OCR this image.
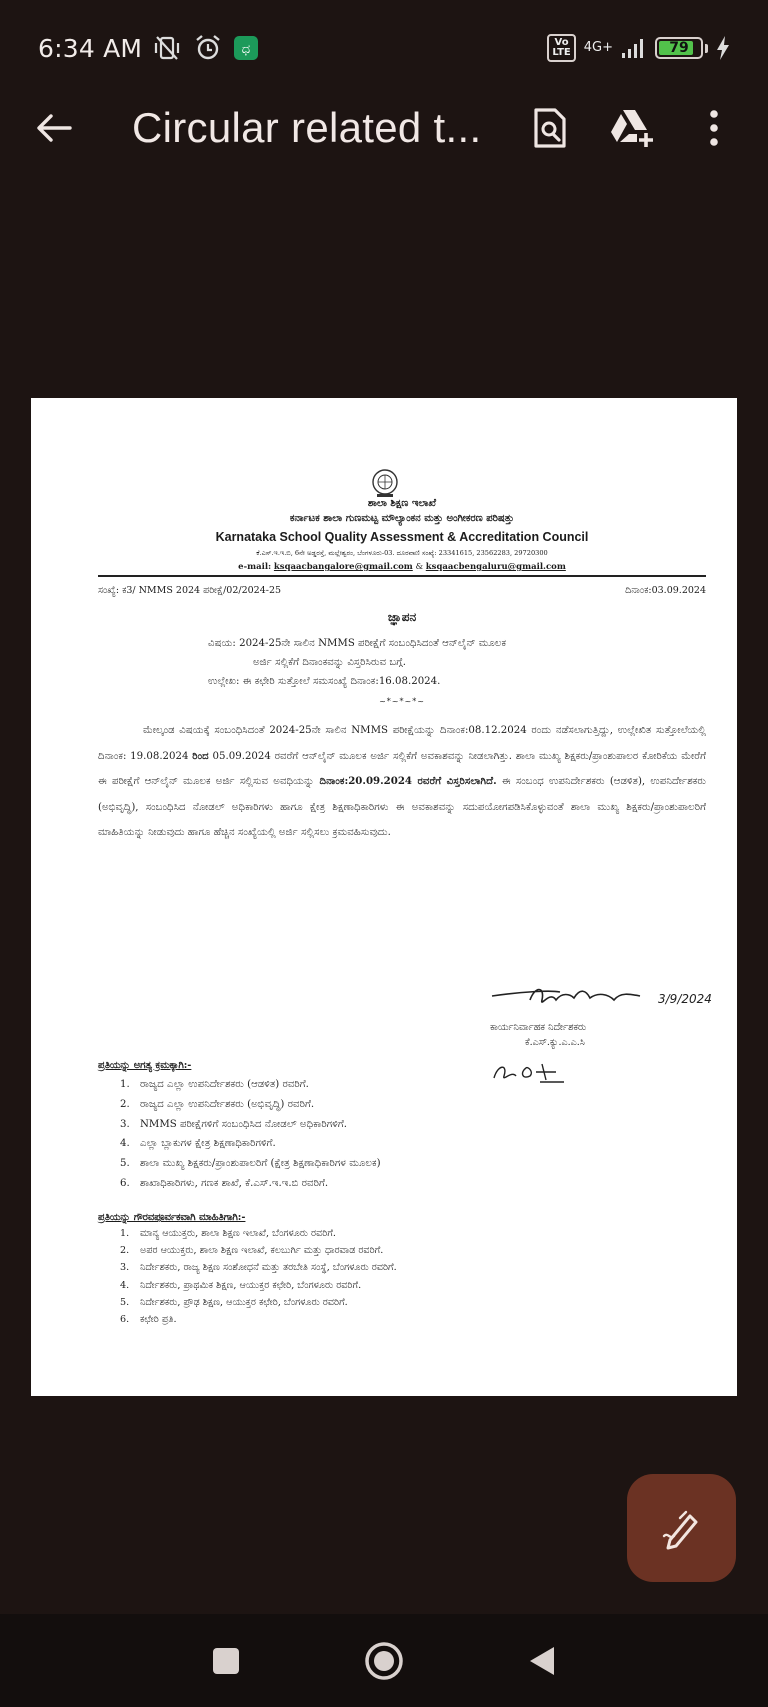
6:34 AM	ಧ	Vo
LTE	4G+	79
Circular related t...
ಶಾಲಾ ಶಿಕ್ಷಣ ಇಲಾಖೆ
ಕರ್ನಾಟಕ ಶಾಲಾ ಗುಣಮಟ್ಟ ಮೌಲ್ಯಾಂಕನ ಮತ್ತು ಅಂಗೀಕರಣ ಪರಿಷತ್ತು
Karnataka School Quality Assessment & Accreditation Council
ಕೆ.ಎಸ್.ಇ.ಇ.ಬಿ, 6ನೇ ಅಡ್ಡರಸ್ತೆ, ಮಲ್ಲೇಶ್ವರಂ, ಬೆಂಗಳೂರು-03. ದೂರವಾಣಿ ಸಂಖ್ಯೆ: 23341615, 23562283, 29720300
e-mail: ksqaacbangalore@gmail.com & ksqaacbengaluru@gmail.com
ಸಂಖ್ಯೆ: ಕ3/ NMMS 2024 ಪರೀಕ್ಷೆ/02/2024-25	ದಿನಾಂಕ:03.09.2024
ಜ್ಞಾಪನ
ವಿಷಯ: 2024-25ನೇ ಸಾಲಿನ NMMS ಪರೀಕ್ಷೆಗೆ ಸಂಬಂಧಿಸಿದಂತೆ ಆನ್‌ಲೈನ್ ಮೂಲಕ
ಅರ್ಜಿ ಸಲ್ಲಿಕೆಗೆ ದಿನಾಂಕವನ್ನು ವಿಸ್ತರಿಸಿರುವ ಬಗ್ಗೆ.
ಉಲ್ಲೇಖ: ಈ ಕಛೇರಿ ಸುತ್ತೋಲೆ ಸಮಸಂಖ್ಯೆ ದಿನಾಂಕ:16.08.2024.
~*~*~*~

ಮೇಲ್ಕಂಡ ವಿಷಯಕ್ಕೆ ಸಂಬಂಧಿಸಿದಂತೆ 2024-25ನೇ ಸಾಲಿನ NMMS ಪರೀಕ್ಷೆಯನ್ನು ದಿನಾಂಕ:08.12.2024 ರಂದು ನಡೆಸಲಾಗುತ್ತಿದ್ದು, ಉಲ್ಲೇಖಿತ ಸುತ್ತೋಲೆಯಲ್ಲಿ ದಿನಾಂಕ: 19.08.2024 ರಿಂದ 05.09.2024 ರವರೆಗೆ ಆನ್‌ಲೈನ್ ಮೂಲಕ ಅರ್ಜಿ ಸಲ್ಲಿಕೆಗೆ ಅವಕಾಶವನ್ನು ನೀಡಲಾಗಿತ್ತು. ಶಾಲಾ ಮುಖ್ಯ ಶಿಕ್ಷಕರು/ಪ್ರಾಂಶುಪಾಲರ ಕೋರಿಕೆಯ ಮೇರೆಗೆ ಈ ಪರೀಕ್ಷೆಗೆ ಆನ್‌ಲೈನ್ ಮೂಲಕ ಅರ್ಜಿ ಸಲ್ಲಿಸುವ ಅವಧಿಯನ್ನು ದಿನಾಂಕ:20.09.2024 ರವರೆಗೆ ವಿಸ್ತರಿಸಲಾಗಿದೆ. ಈ ಸಂಬಂಧ ಉಪನಿರ್ದೇಶಕರು (ಆಡಳಿತ), ಉಪನಿರ್ದೇಶಕರು (ಅಭಿವೃದ್ಧಿ), ಸಂಬಂಧಿಸಿದ ನೋಡಲ್ ಅಧಿಕಾರಿಗಳು ಹಾಗೂ ಕ್ಷೇತ್ರ ಶಿಕ್ಷಣಾಧಿಕಾರಿಗಳು ಈ ಅವಕಾಶವನ್ನು ಸದುಪಯೋಗಪಡಿಸಿಕೊಳ್ಳುವಂತೆ ಶಾಲಾ ಮುಖ್ಯ ಶಿಕ್ಷಕರು/ಪ್ರಾಂಶುಪಾಲರಿಗೆ ಮಾಹಿತಿಯನ್ನು ನೀಡುವುದು ಹಾಗೂ ಹೆಚ್ಚಿನ ಸಂಖ್ಯೆಯಲ್ಲಿ ಅರ್ಜಿ ಸಲ್ಲಿಸಲು ಕ್ರಮವಹಿಸುವುದು.

3/9/2024
ಕಾರ್ಯನಿರ್ವಾಹಕ ನಿರ್ದೇಶಕರು
ಕೆ.ಎಸ್.ಕ್ಯು.ಎ.ಎ.ಸಿ
ಪ್ರತಿಯನ್ನು ಅಗತ್ಯ ಕ್ರಮಕ್ಕಾಗಿ:-
1. ರಾಜ್ಯದ ಎಲ್ಲಾ ಉಪನಿರ್ದೇಶಕರು (ಆಡಳಿತ) ರವರಿಗೆ.
2. ರಾಜ್ಯದ ಎಲ್ಲಾ ಉಪನಿರ್ದೇಶಕರು (ಅಭಿವೃದ್ಧಿ) ರವರಿಗೆ.
3. NMMS ಪರೀಕ್ಷೆಗಳಿಗೆ ಸಂಬಂಧಿಸಿದ ನೋಡಲ್ ಅಧಿಕಾರಿಗಳಿಗೆ.
4. ಎಲ್ಲಾ ಬ್ಲಾಕುಗಳ ಕ್ಷೇತ್ರ ಶಿಕ್ಷಣಾಧಿಕಾರಿಗಳಿಗೆ.
5. ಶಾಲಾ ಮುಖ್ಯ ಶಿಕ್ಷಕರು/ಪ್ರಾಂಶುಪಾಲರಿಗೆ (ಕ್ಷೇತ್ರ ಶಿಕ್ಷಣಾಧಿಕಾರಿಗಳ ಮೂಲಕ)
6. ಶಾಖಾಧಿಕಾರಿಗಳು, ಗಣಕ ಶಾಖೆ, ಕೆ.ಎಸ್.ಇ.ಇ.ಬಿ ರವರಿಗೆ.
ಪ್ರತಿಯನ್ನು ಗೌರವಪೂರ್ವಕವಾಗಿ ಮಾಹಿತಿಗಾಗಿ:-
1. ಮಾನ್ಯ ಆಯುಕ್ತರು, ಶಾಲಾ ಶಿಕ್ಷಣ ಇಲಾಖೆ, ಬೆಂಗಳೂರು ರವರಿಗೆ.
2. ಅಪರ ಆಯುಕ್ತರು, ಶಾಲಾ ಶಿಕ್ಷಣ ಇಲಾಖೆ, ಕಲಬುರ್ಗಿ ಮತ್ತು ಧಾರವಾಡ ರವರಿಗೆ.
3. ನಿರ್ದೇಶಕರು, ರಾಜ್ಯ ಶಿಕ್ಷಣ ಸಂಶೋಧನೆ ಮತ್ತು ತರಬೇತಿ ಸಂಸ್ಥೆ, ಬೆಂಗಳೂರು ರವರಿಗೆ.
4. ನಿರ್ದೇಶಕರು, ಪ್ರಾಥಮಿಕ ಶಿಕ್ಷಣ, ಆಯುಕ್ತರ ಕಛೇರಿ, ಬೆಂಗಳೂರು ರವರಿಗೆ.
5. ನಿರ್ದೇಶಕರು, ಪ್ರೌಢ ಶಿಕ್ಷಣ, ಆಯುಕ್ತರ ಕಛೇರಿ, ಬೆಂಗಳೂರು ರವರಿಗೆ.
6. ಕಛೇರಿ ಪ್ರತಿ.
